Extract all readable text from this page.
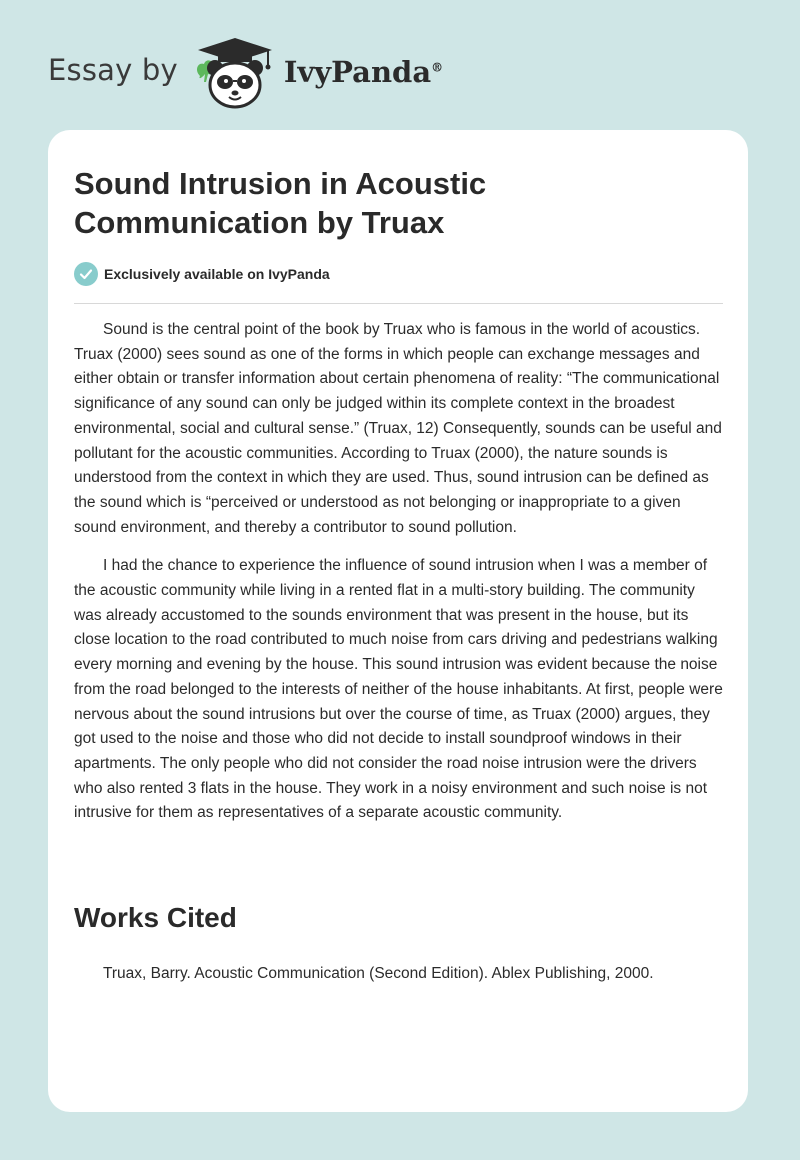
Essay by	IvyPanda®
Sound Intrusion in Acoustic Communication by Truax
Exclusively available on IvyPanda

Sound is the central point of the book by Truax who is famous in the world of acoustics. Truax (2000) sees sound as one of the forms in which people can exchange messages and either obtain or transfer information about certain phenomena of reality: “The communicational significance of any sound can only be judged within its complete context in the broadest environmental, social and cultural sense.” (Truax, 12) Consequently, sounds can be useful and pollutant for the acoustic communities. According to Truax (2000), the nature sounds is understood from the context in which they are used. Thus, sound intrusion can be defined as the sound which is “perceived or understood as not belonging or inappropriate to a given sound environment, and thereby a contributor to sound pollution.

I had the chance to experience the influence of sound intrusion when I was a member of the acoustic community while living in a rented flat in a multi-story building. The community was already accustomed to the sounds environment that was present in the house, but its close location to the road contributed to much noise from cars driving and pedestrians walking every morning and evening by the house. This sound intrusion was evident because the noise from the road belonged to the interests of neither of the house inhabitants. At first, people were nervous about the sound intrusions but over the course of time, as Truax (2000) argues, they got used to the noise and those who did not decide to install soundproof windows in their apartments. The only people who did not consider the road noise intrusion were the drivers who also rented 3 flats in the house. They work in a noisy environment and such noise is not intrusive for them as representatives of a separate acoustic community.

Works Cited

Truax, Barry. Acoustic Communication (Second Edition). Ablex Publishing, 2000.
